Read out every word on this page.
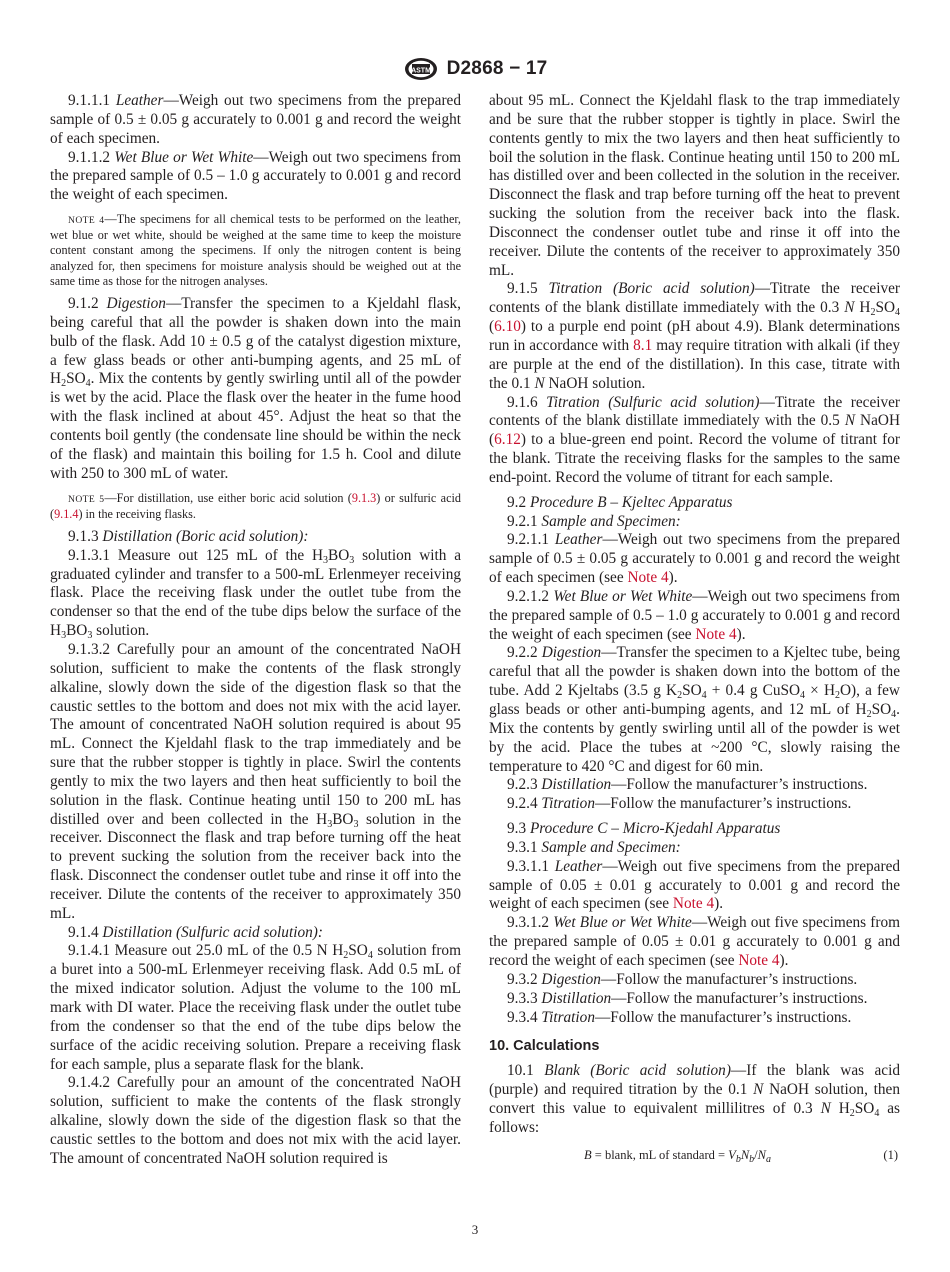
ASTM D2868 − 17

9.1.1.1 Leather—Weigh out two specimens from the prepared sample of 0.5 ± 0.05 g accurately to 0.001 g and record the weight of each specimen.

9.1.1.2 Wet Blue or Wet White—Weigh out two specimens from the prepared sample of 0.5 – 1.0 g accurately to 0.001 g and record the weight of each specimen.

NOTE 4—The specimens for all chemical tests to be performed on the leather, wet blue or wet white, should be weighed at the same time to keep the moisture content constant among the specimens. If only the nitrogen content is being analyzed for, then specimens for moisture analysis should be weighed out at the same time as those for the nitrogen analyses.

9.1.2 Digestion—Transfer the specimen to a Kjeldahl flask, being careful that all the powder is shaken down into the main bulb of the flask. Add 10 ± 0.5 g of the catalyst digestion mixture, a few glass beads or other anti-bumping agents, and 25 mL of $H_2SO_4$. Mix the contents by gently swirling until all of the powder is wet by the acid. Place the flask over the heater in the fume hood with the flask inclined at about 45°. Adjust the heat so that the contents boil gently (the condensate line should be within the neck of the flask) and maintain this boiling for 1.5 h. Cool and dilute with 250 to 300 mL of water.

NOTE 5—For distillation, use either boric acid solution (9.1.3) or sulfuric acid (9.1.4) in the receiving flasks.

9.1.3 Distillation (Boric acid solution):

9.1.3.1 Measure out 125 mL of the $H_3BO_3$ solution with a graduated cylinder and transfer to a 500-mL Erlenmeyer receiving flask. Place the receiving flask under the outlet tube from the condenser so that the end of the tube dips below the surface of the $H_3BO_3$ solution.

9.1.3.2 Carefully pour an amount of the concentrated NaOH solution, sufficient to make the contents of the flask strongly alkaline, slowly down the side of the digestion flask so that the caustic settles to the bottom and does not mix with the acid layer. The amount of concentrated NaOH solution required is about 95 mL. Connect the Kjeldahl flask to the trap immediately and be sure that the rubber stopper is tightly in place. Swirl the contents gently to mix the two layers and then heat sufficiently to boil the solution in the flask. Continue heating until 150 to 200 mL has distilled over and been collected in the $H_3BO_3$ solution in the receiver. Disconnect the flask and trap before turning off the heat to prevent sucking the solution from the receiver back into the flask. Disconnect the condenser outlet tube and rinse it off into the receiver. Dilute the contents of the receiver to approximately 350 mL.

9.1.4 Distillation (Sulfuric acid solution):

9.1.4.1 Measure out 25.0 mL of the 0.5 N $H_2SO_4$ solution from a buret into a 500-mL Erlenmeyer receiving flask. Add 0.5 mL of the mixed indicator solution. Adjust the volume to the 100 mL mark with DI water. Place the receiving flask under the outlet tube from the condenser so that the end of the tube dips below the surface of the acidic receiving solution. Prepare a receiving flask for each sample, plus a separate flask for the blank.

9.1.4.2 Carefully pour an amount of the concentrated NaOH solution, sufficient to make the contents of the flask strongly alkaline, slowly down the side of the digestion flask so that the caustic settles to the bottom and does not mix with the acid layer. The amount of concentrated NaOH solution required is

about 95 mL. Connect the Kjeldahl flask to the trap immediately and be sure that the rubber stopper is tightly in place. Swirl the contents gently to mix the two layers and then heat sufficiently to boil the solution in the flask. Continue heating until 150 to 200 mL has distilled over and been collected in the solution in the receiver. Disconnect the flask and trap before turning off the heat to prevent sucking the solution from the receiver back into the flask. Disconnect the condenser outlet tube and rinse it off into the receiver. Dilute the contents of the receiver to approximately 350 mL.

9.1.5 Titration (Boric acid solution)—Titrate the receiver contents of the blank distillate immediately with the 0.3 N $H_2SO_4$ (6.10) to a purple end point (pH about 4.9). Blank determinations run in accordance with 8.1 may require titration with alkali (if they are purple at the end of the distillation). In this case, titrate with the 0.1 N NaOH solution.

9.1.6 Titration (Sulfuric acid solution)—Titrate the receiver contents of the blank distillate immediately with the 0.5 N NaOH (6.12) to a blue-green end point. Record the volume of titrant for the blank. Titrate the receiving flasks for the samples to the same end-point. Record the volume of titrant for each sample.

9.2 Procedure B – Kjeltec Apparatus

9.2.1 Sample and Specimen:

9.2.1.1 Leather—Weigh out two specimens from the prepared sample of 0.5 ± 0.05 g accurately to 0.001 g and record the weight of each specimen (see Note 4).

9.2.1.2 Wet Blue or Wet White—Weigh out two specimens from the prepared sample of 0.5 – 1.0 g accurately to 0.001 g and record the weight of each specimen (see Note 4).

9.2.2 Digestion—Transfer the specimen to a Kjeltec tube, being careful that all the powder is shaken down into the bottom of the tube. Add 2 Kjeltabs (3.5 g $K_2SO_4 + 0.4$ g CuSO$_4$ × $H_2O$), a few glass beads or other anti-bumping agents, and 12 mL of $H_2SO_4$. Mix the contents by gently swirling until all of the powder is wet by the acid. Place the tubes at ~200 °C, slowly raising the temperature to 420 °C and digest for 60 min.

9.2.3 Distillation—Follow the manufacturer’s instructions.

9.2.4 Titration—Follow the manufacturer’s instructions.

9.3 Procedure C – Micro-Kjedahl Apparatus

9.3.1 Sample and Specimen:

9.3.1.1 Leather—Weigh out five specimens from the prepared sample of 0.05 ± 0.01 g accurately to 0.001 g and record the weight of each specimen (see Note 4).

9.3.1.2 Wet Blue or Wet White—Weigh out five specimens from the prepared sample of 0.05 ± 0.01 g accurately to 0.001 g and record the weight of each specimen (see Note 4).

9.3.2 Digestion—Follow the manufacturer’s instructions.

9.3.3 Distillation—Follow the manufacturer’s instructions.

9.3.4 Titration—Follow the manufacturer’s instructions.

10. Calculations

10.1 Blank (Boric acid solution)—If the blank was acid (purple) and required titration by the 0.1 N NaOH solution, then convert this value to equivalent millilitres of 0.3 N $H_2SO_4$ as follows:

B = blank, mL of standard = $V_bN_b/N_a$	(1)
3
